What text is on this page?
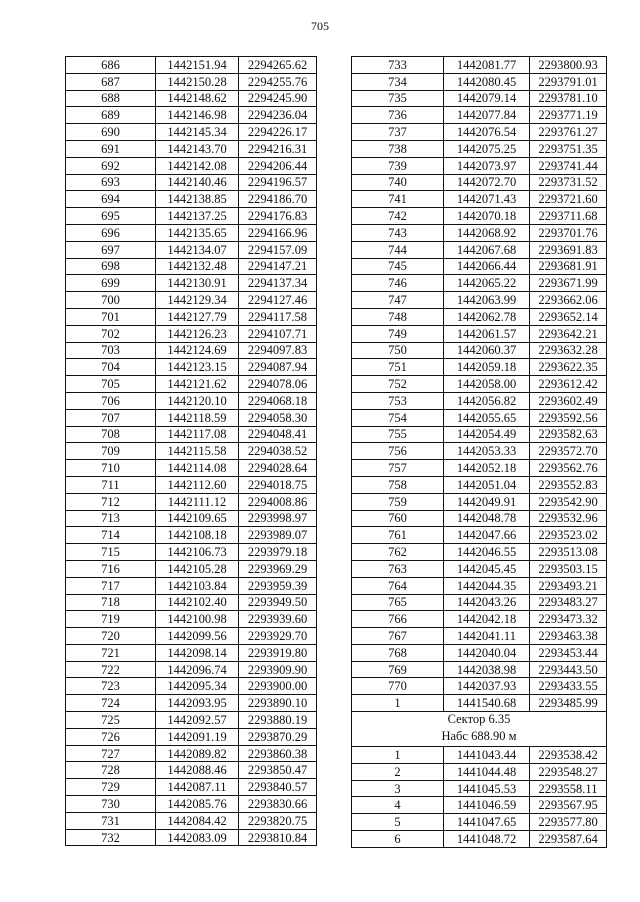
705
686	1442151.94	2294265.62
687	1442150.28	2294255.76
688	1442148.62	2294245.90
689	1442146.98	2294236.04
690	1442145.34	2294226.17
691	1442143.70	2294216.31
692	1442142.08	2294206.44
693	1442140.46	2294196.57
694	1442138.85	2294186.70
695	1442137.25	2294176.83
696	1442135.65	2294166.96
697	1442134.07	2294157.09
698	1442132.48	2294147.21
699	1442130.91	2294137.34
700	1442129.34	2294127.46
701	1442127.79	2294117.58
702	1442126.23	2294107.71
703	1442124.69	2294097.83
704	1442123.15	2294087.94
705	1442121.62	2294078.06
706	1442120.10	2294068.18
707	1442118.59	2294058.30
708	1442117.08	2294048.41
709	1442115.58	2294038.52
710	1442114.08	2294028.64
711	1442112.60	2294018.75
712	1442111.12	2294008.86
713	1442109.65	2293998.97
714	1442108.18	2293989.07
715	1442106.73	2293979.18
716	1442105.28	2293969.29
717	1442103.84	2293959.39
718	1442102.40	2293949.50
719	1442100.98	2293939.60
720	1442099.56	2293929.70
721	1442098.14	2293919.80
722	1442096.74	2293909.90
723	1442095.34	2293900.00
724	1442093.95	2293890.10
725	1442092.57	2293880.19
726	1442091.19	2293870.29
727	1442089.82	2293860.38
728	1442088.46	2293850.47
729	1442087.11	2293840.57
730	1442085.76	2293830.66
731	1442084.42	2293820.75
732	1442083.09	2293810.84
733	1442081.77	2293800.93
734	1442080.45	2293791.01
735	1442079.14	2293781.10
736	1442077.84	2293771.19
737	1442076.54	2293761.27
738	1442075.25	2293751.35
739	1442073.97	2293741.44
740	1442072.70	2293731.52
741	1442071.43	2293721.60
742	1442070.18	2293711.68
743	1442068.92	2293701.76
744	1442067.68	2293691.83
745	1442066.44	2293681.91
746	1442065.22	2293671.99
747	1442063.99	2293662.06
748	1442062.78	2293652.14
749	1442061.57	2293642.21
750	1442060.37	2293632.28
751	1442059.18	2293622.35
752	1442058.00	2293612.42
753	1442056.82	2293602.49
754	1442055.65	2293592.56
755	1442054.49	2293582.63
756	1442053.33	2293572.70
757	1442052.18	2293562.76
758	1442051.04	2293552.83
759	1442049.91	2293542.90
760	1442048.78	2293532.96
761	1442047.66	2293523.02
762	1442046.55	2293513.08
763	1442045.45	2293503.15
764	1442044.35	2293493.21
765	1442043.26	2293483.27
766	1442042.18	2293473.32
767	1442041.11	2293463.38
768	1442040.04	2293453.44
769	1442038.98	2293443.50
770	1442037.93	2293433.55
1	1441540.68	2293485.99

Сектор 6.35
Набс 688.90 м		

1	1441043.44	2293538.42
2	1441044.48	2293548.27
3	1441045.53	2293558.11
4	1441046.59	2293567.95
5	1441047.65	2293577.80
6	1441048.72	2293587.64
